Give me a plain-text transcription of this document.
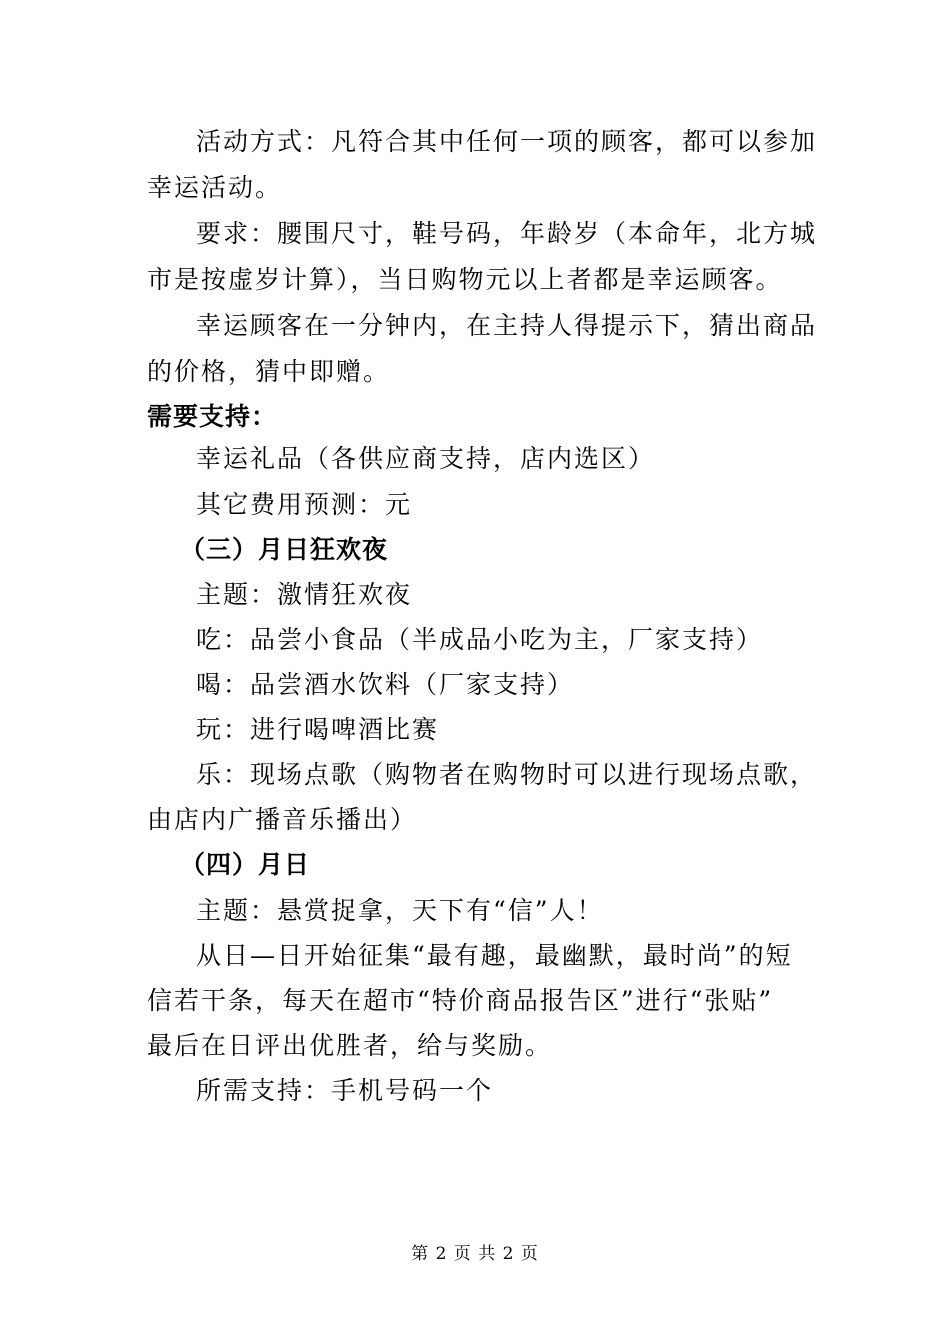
活动方式：凡符合其中任何一项的顾客，都可以参加
幸运活动。
要求：腰围尺寸，鞋号码，年龄岁（本命年，北方城
市是按虚岁计算），当日购物元以上者都是幸运顾客。
幸运顾客在一分钟内，在主持人得提示下，猜出商品
的价格，猜中即赠。
需要支持：
幸运礼品（各供应商支持，店内选区）
其它费用预测：元
（三）月日狂欢夜
主题：激情狂欢夜
吃：品尝小食品（半成品小吃为主，厂家支持）
喝：品尝酒水饮料（厂家支持）
玩：进行喝啤酒比赛
乐：现场点歌（购物者在购物时可以进行现场点歌，
由店内广播音乐播出）
（四）月日
主题：悬赏捉拿，天下有“信”人！
从日—日开始征集“最有趣，最幽默，最时尚”的短
信若干条，每天在超市“特价商品报告区”进行“张贴”
最后在日评出优胜者，给与奖励。
所需支持：手机号码一个
第 2 页 共 2 页
